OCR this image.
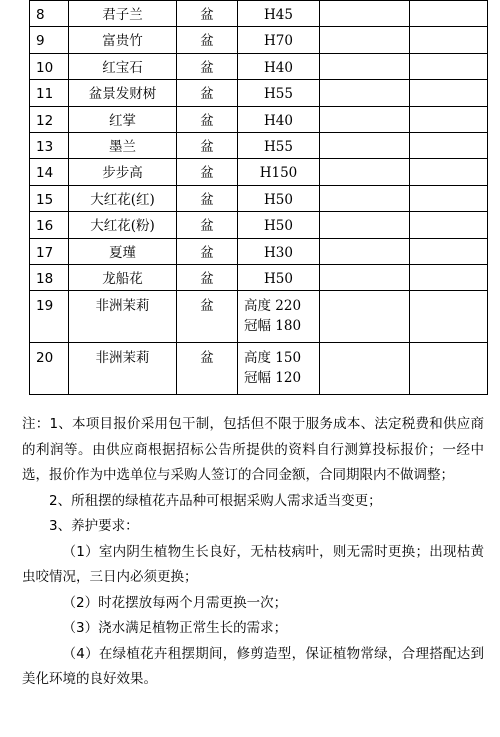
8	君子兰	盆	H45		

9	富贵竹	盆	H70		

10	红宝石	盆	H40		

11	盆景发财树	盆	H55		

12	红掌	盆	H40		

13	墨兰	盆	H55		

14	步步高	盆	H150		

15	大红花(红)	盆	H50		

16	大红花(粉)	盆	H50		

17	夏瑾	盆	H30		

18	龙船花	盆	H50		

19	非洲茉莉	盆	高度 220
冠幅 180		

20	非洲茉莉	盆	高度 150
冠幅 120		

注：1、本项目报价采用包干制，包括但不限于服务成本、法定税费和供应商的利润等。由供应商根据招标公告所提供的资料自行测算投标报价；一经中选，报价作为中选单位与采购人签订的合同金额，合同期限内不做调整；

2、所租摆的绿植花卉品种可根据采购人需求适当变更；

3、养护要求：

（1）室内阴生植物生长良好，无枯枝病叶，则无需时更换；出现枯黄虫咬情况，三日内必须更换；

（2）时花摆放每两个月需更换一次；

（3）浇水满足植物正常生长的需求；

（4）在绿植花卉租摆期间，修剪造型，保证植物常绿，合理搭配达到美化环境的良好效果。
